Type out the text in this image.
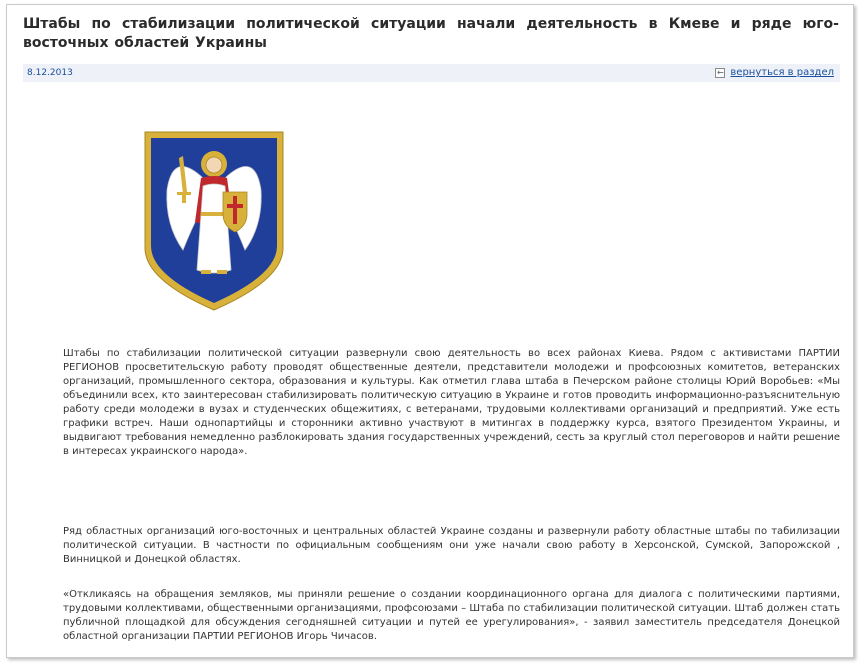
Штабы по стабилизации политической ситуации начали деятельность в Кмеве и ряде юго-восточных областей Украины
8.12.2013	← вернуться в раздел

Штабы по стабилизации политической ситуации развернули свою деятельность во всех районах Киева. Рядом с активистами ПАРТИИ РЕГИОНОВ просветительскую работу проводят общественные деятели, представители молодежи и профсоюзных комитетов, ветеранских организаций, промышленного сектора, образования и культуры. Как отметил глава штаба в Печерском районе столицы Юрий Воробьев: «Мы объединили всех, кто заинтересован стабилизировать политическую ситуацию в Украине и готов проводить информационно-разъяснительную работу среди молодежи в вузах и студенческих общежитиях, с ветеранами, трудовыми коллективами организаций и предприятий. Уже есть графики встреч. Наши однопартийцы и сторонники активно участвуют в митингах в поддержку курса, взятого Президентом Украины, и выдвигают требования немедленно разблокировать здания государственных учреждений, сесть за круглый стол переговоров и найти решение в интересах украинского народа».

Ряд областных организаций юго-восточных и центральных областей Украине созданы и развернули работу областные штабы по табилизации политической ситуации. В частности по официальным сообщениям они уже начали свою работу в Херсонской, Сумской, Запорожской , Винницкой и Донецкой областях.

«Откликаясь на обращения земляков, мы приняли решение о создании координационного органа для диалога с политическими партиями, трудовыми коллективами, общественными организациями, профсоюзами – Штаба по стабилизации политической ситуации. Штаб должен стать публичной площадкой для обсуждения сегодняшней ситуации и путей ее урегулирования», - заявил заместитель председателя Донецкой областной организации ПАРТИИ РЕГИОНОВ Игорь Чичасов.
